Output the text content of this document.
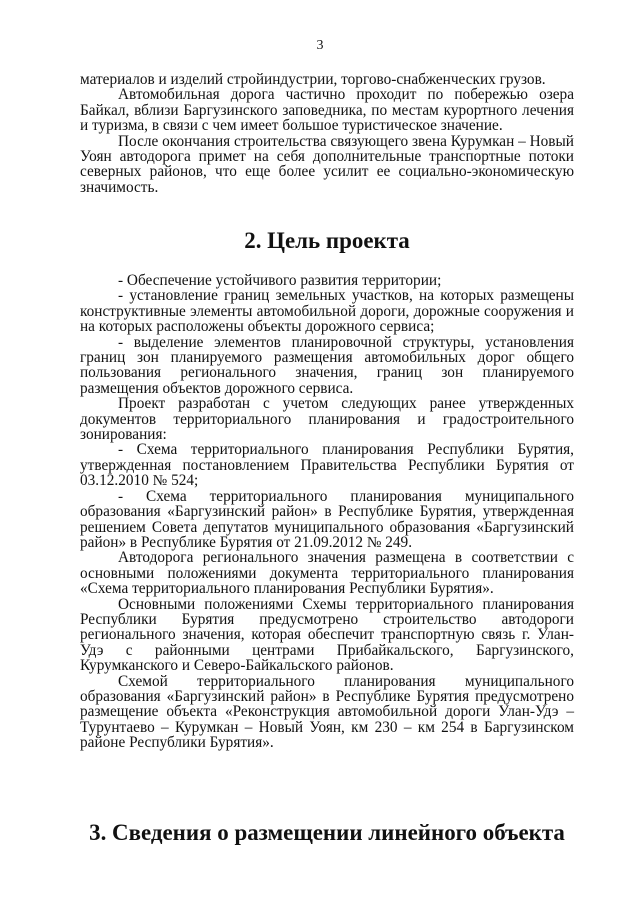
3

материалов и изделий стройиндустрии, торгово-снабженческих грузов.

Автомобильная дорога частично проходит по побережью озера Байкал, вблизи Баргузинского заповедника, по местам курортного лечения и туризма, в связи с чем имеет большое туристическое значение.

После окончания строительства связующего звена Курумкан – Новый Уоян автодорога примет на себя дополнительные транспортные потоки северных районов, что еще более усилит ее социально-экономическую значимость.

2. Цель проекта

- Обеспечение устойчивого развития территории;

- установление границ земельных участков, на которых размещены конструктивные элементы автомобильной дороги, дорожные сооружения и на которых расположены объекты дорожного сервиса;

- выделение элементов планировочной структуры, установления границ зон планируемого размещения автомобильных дорог общего пользования регионального значения, границ зон планируемого размещения объектов дорожного сервиса.

Проект разработан с учетом следующих ранее утвержденных документов территориального планирования и градостроительного зонирования:

- Схема территориального планирования Республики Бурятия, утвержденная постановлением Правительства Республики Бурятия от 03.12.2010 № 524;

- Схема территориального планирования муниципального образования «Баргузинский район» в Республике Бурятия, утвержденная решением Совета депутатов муниципального образования «Баргузинский район» в Республике Бурятия от 21.09.2012 № 249.

Автодорога регионального значения размещена в соответствии с основными положениями документа территориального планирования «Схема территориального планирования Республики Бурятия».

Основными положениями Схемы территориального планирования Республики Бурятия предусмотрено строительство автодороги регионального значения, которая обеспечит транспортную связь г. Улан-Удэ с районными центрами Прибайкальского, Баргузинского, Курумканского и Северо-Байкальского районов.

Схемой территориального планирования муниципального образования «Баргузинский район» в Республике Бурятия предусмотрено размещение объекта «Реконструкция автомобильной дороги Улан-Удэ – Турунтаево – Курумкан – Новый Уоян, км 230 – км 254 в Баргузинском районе Республики Бурятия».

3. Сведения о размещении линейного объекта
